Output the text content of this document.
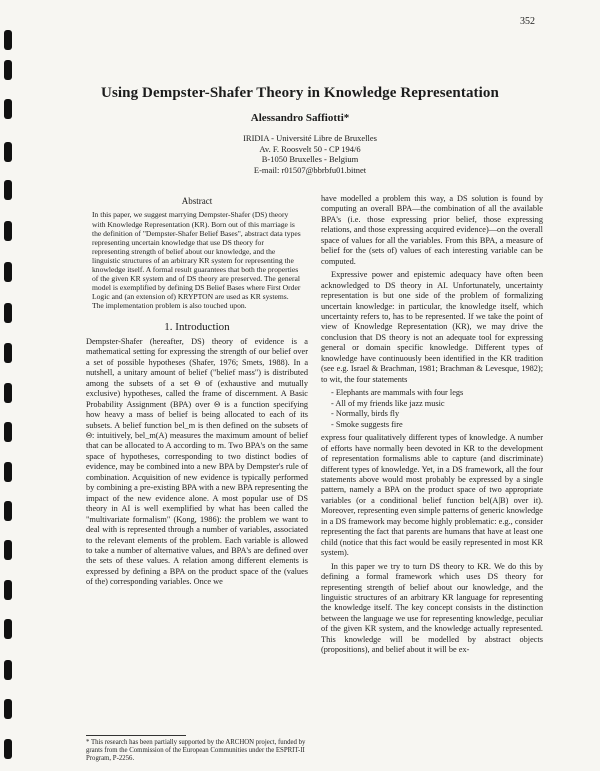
352
Using Dempster-Shafer Theory in Knowledge Representation
Alessandro Saffiotti*
IRIDIA - Université Libre de Bruxelles
Av. F. Roosvelt 50 - CP 194/6
B-1050 Bruxelles - Belgium
E-mail: r01507@bbrbfu01.bitnet
Abstract
In this paper, we suggest marrying Dempster-Shafer (DS) theory with Knowledge Representation (KR). Born out of this marriage is the definition of "Dempster-Shafer Belief Bases", abstract data types representing uncertain knowledge that use DS theory for representing strength of belief about our knowledge, and the linguistic structures of an arbitrary KR system for representing the knowledge itself. A formal result guarantees that both the properties of the given KR system and of DS theory are preserved. The general model is exemplified by defining DS Belief Bases where First Order Logic and (an extension of) KRYPTON are used as KR systems. The implementation problem is also touched upon.
1. Introduction

Dempster-Shafer (hereafter, DS) theory of evidence is a mathematical setting for expressing the strength of our belief over a set of possible hypotheses (Shafer, 1976; Smets, 1988). In a nutshell, a unitary amount of belief ("belief mass") is distributed among the subsets of a set Θ of (exhaustive and mutually exclusive) hypotheses, called the frame of discernment. A Basic Probability Assignment (BPA) over Θ is a function specifying how heavy a mass of belief is being allocated to each of its subsets. A belief function bel_m is then defined on the subsets of Θ: intuitively, bel_m(A) measures the maximum amount of belief that can be allocated to A according to m. Two BPA's on the same space of hypotheses, corresponding to two distinct bodies of evidence, may be combined into a new BPA by Dempster's rule of combination. Acquisition of new evidence is typically performed by combining a pre-existing BPA with a new BPA representing the impact of the new evidence alone. A most popular use of DS theory in AI is well exemplified by what has been called the "multivariate formalism" (Kong, 1986): the problem we want to deal with is represented through a number of variables, associated to the relevant elements of the problem. Each variable is allowed to take a number of alternative values, and BPA's are defined over the sets of these values. A relation among different elements is expressed by defining a BPA on the product space of the (values of the) corresponding variables. Once we

* This research has been partially supported by the ARCHON project, funded by grants from the Commission of the European Communities under the ESPRIT-II Program, P-2256.

have modelled a problem this way, a DS solution is found by computing an overall BPA—the combination of all the available BPA's (i.e. those expressing prior belief, those expressing relations, and those expressing acquired evidence)—on the overall space of values for all the variables. From this BPA, a measure of belief for the (sets of) values of each interesting variable can be computed.

Expressive power and epistemic adequacy have often been acknowledged to DS theory in AI. Unfortunately, uncertainty representation is but one side of the problem of formalizing uncertain knowledge: in particular, the knowledge itself, which uncertainty refers to, has to be represented. If we take the point of view of Knowledge Representation (KR), we may drive the conclusion that DS theory is not an adequate tool for expressing general or domain specific knowledge. Different types of knowledge have continuously been identified in the KR tradition (see e.g. Israel & Brachman, 1981; Brachman & Levesque, 1982); to wit, the four statements

- Elephants are mammals with four legs
- All of my friends like jazz music
- Normally, birds fly
- Smoke suggests fire

express four qualitatively different types of knowledge. A number of efforts have normally been devoted in KR to the development of representation formalisms able to capture (and discriminate) different types of knowledge. Yet, in a DS framework, all the four statements above would most probably be expressed by a single pattern, namely a BPA on the product space of two appropriate variables (or a conditional belief function bel(A|B) over it). Moreover, representing even simple patterns of generic knowledge in a DS framework may become highly problematic: e.g., consider representing the fact that parents are humans that have at least one child (notice that this fact would be easily represented in most KR system).

In this paper we try to turn DS theory to KR. We do this by defining a formal framework which uses DS theory for representing strength of belief about our knowledge, and the linguistic structures of an arbitrary KR language for representing the knowledge itself. The key concept consists in the distinction between the language we use for representing knowledge, peculiar of the given KR system, and the knowledge actually represented. This knowledge will be modelled by abstract objects (propositions), and belief about it will be ex-
